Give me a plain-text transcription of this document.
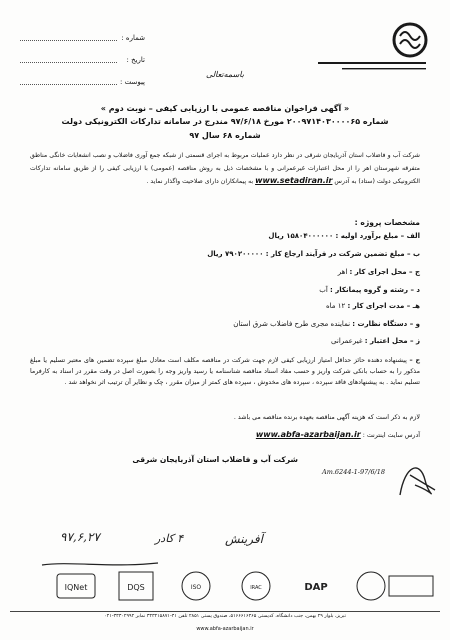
شماره :
تاریخ :
پیوست :
باسمه‌تعالی
« آگهی فراخوان مناقصه عمومی با ارزیابی کیفی – نوبت دوم »
شماره ۲۰۰۹۷۱۴۰۳۰۰۰۰۶۵ مورخ ۹۷/۶/۱۸ مندرج در سامانه تدارکات الکترونیکی دولت
شماره ۶۸ سال ۹۷
شرکت آب و فاضلاب استان آذربایجان شرقی در نظر دارد عملیات مربوط به اجرای قسمتی از شبکه جمع آوری فاضلاب و نصب انشعابات خانگی مناطق متفرقه شهرستان اهر را از محل اعتبارات غیرعمرانی و با مشخصات ذیل به روش مناقصه (عمومی) با ارزیابی کیفی را از طریق سامانه تدارکات الکترونیکی دولت (ستاد) به آدرس www.setadiran.ir به پیمانکاران دارای صلاحیت واگذار نماید .
مشخصات پروژه :
الف – مبلغ برآورد اولیه : ۱۵۸۰۴۰۰۰۰۰۰ ریال
ب – مبلغ تضمین شرکت در فرآیند ارجاع کار : ۷۹۰۲۰۰۰۰۰ ریال
ج – محل اجرای کار : اهر
د – رشته و گروه پیمانکار : آب
هـ – مدت اجرای کار : ۱۲ ماه
و – دستگاه نظارت : نماینده مجری طرح فاضلاب شرق استان
ز – محل اعتبار : غیرعمرانی
ح – پیشنهاده دهنده حائز حداقل امتیاز ارزیابی کیفی لازم جهت شرکت در مناقصه مکلف است معادل مبلغ سپرده تضمین های معتبر تسلیم یا مبلغ مذکور را به حساب بانکی شرکت واریز و حسب مفاد اسناد مناقصه شناسنامه یا رسید واریز وجه را بصورت اصل در وقت مقرر در اسناد به کارفرما تسلیم نماید . به پیشنهادهای فاقد سپرده ، سپرده های مخدوش ، سپرده های کمتر از میزان مقرر ، چک و نظایر آن ترتیب اثر نخواهد شد .
لازم به ذکر است که هزینه آگهی مناقصه بعهده برنده مناقصه می باشد .
آدرس سایت اینترنت : www.abfa-azarbaijan.ir
شرکت آب و فاضلاب استان آذربایجان شرقی
Am.6244-1-97/6/18
۹۷,۶,۲۷	۴ کادر	آفرینش
IQNet	DQS	ISO	IRAC	DAP
تبریز، بلوار ۲۹ بهمن، جنب دانشگاه، کدپستی ۵۱۶۶۶۱۶۴۶۵، صندوق پستی ۲۸۵۱ تلفن ۴۱-۳۳۳۴۱۵۸۷۱ نمابر ۳۳۳۰۲۹۹۲-۰۴۱
www.abfa-azarbaijan.ir
